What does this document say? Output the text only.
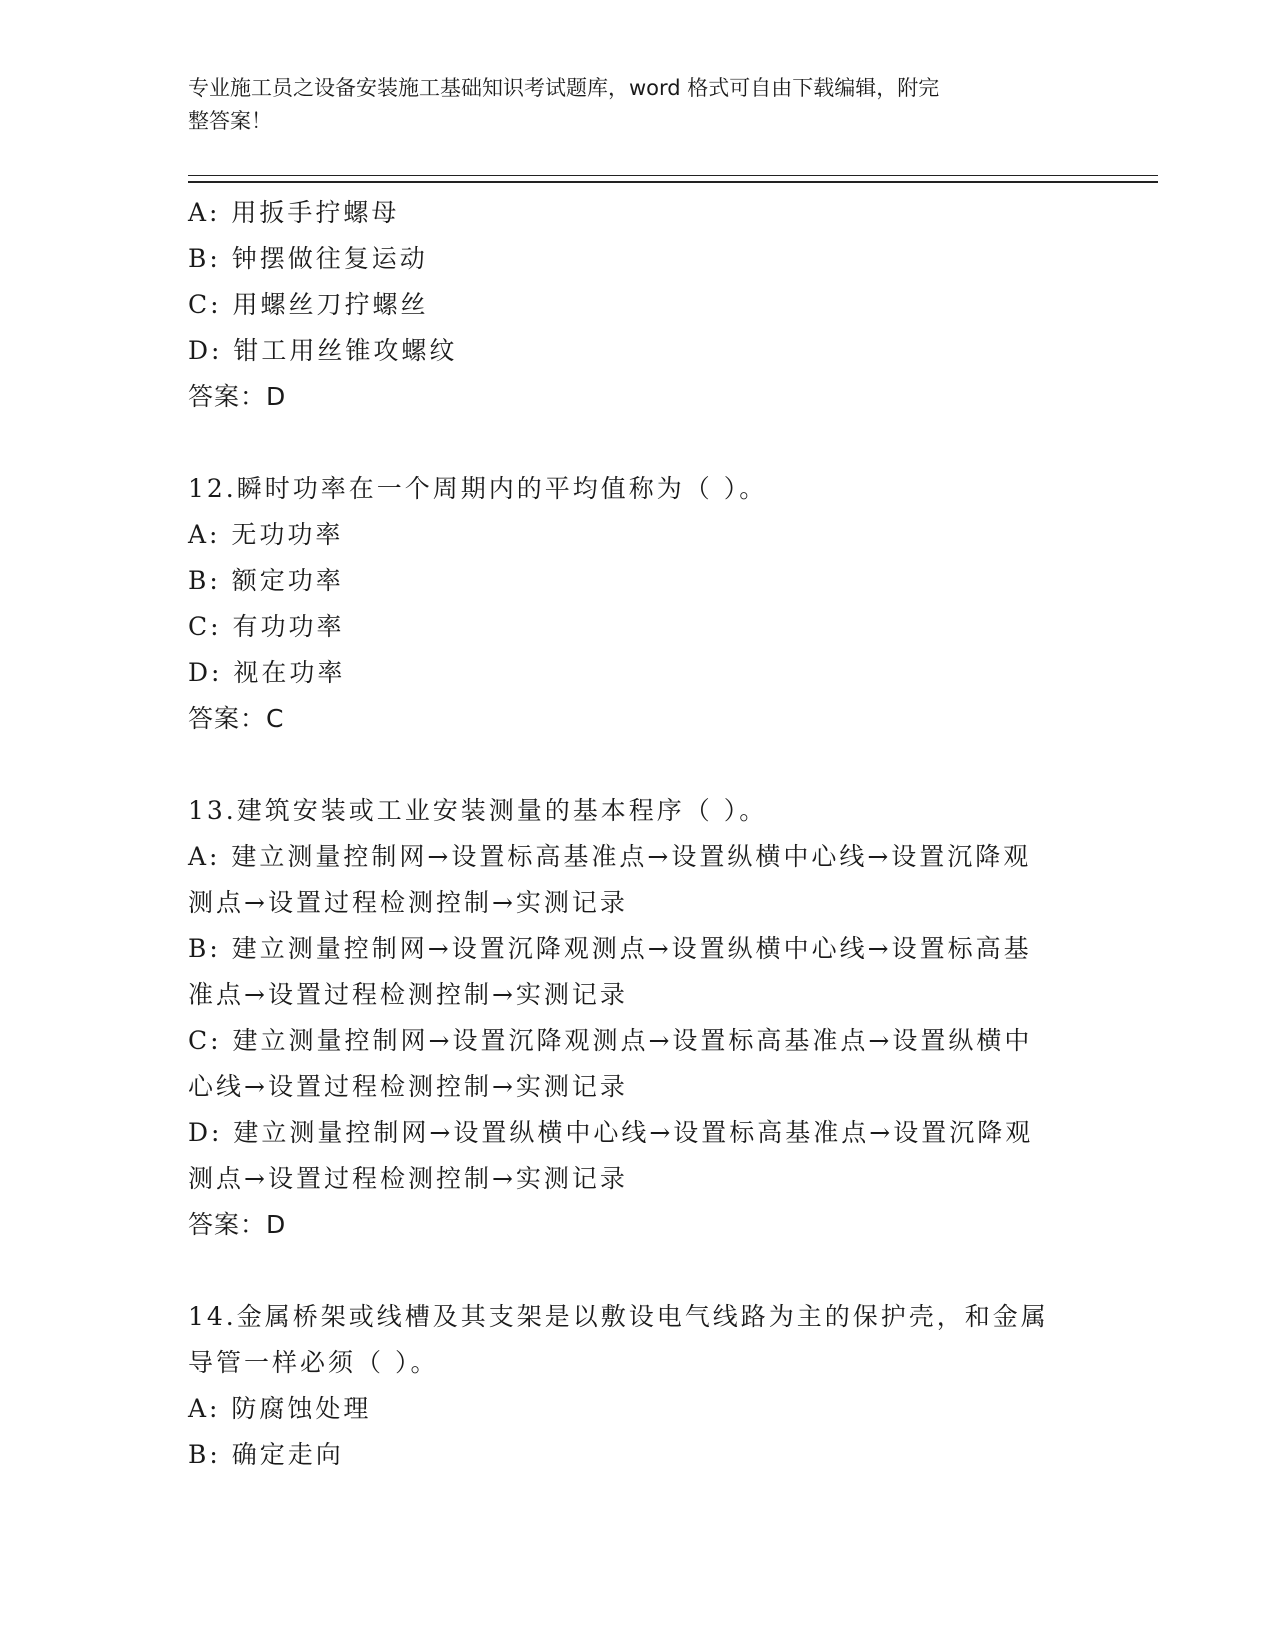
专业施工员之设备安装施工基础知识考试题库，word 格式可自由下载编辑，附完
整答案！
A: 用扳手拧螺母
B: 钟摆做往复运动
C: 用螺丝刀拧螺丝
D: 钳工用丝锥攻螺纹
答案：D
12.瞬时功率在一个周期内的平均值称为（ ）。
A: 无功功率
B: 额定功率
C: 有功功率
D: 视在功率
答案：C
13.建筑安装或工业安装测量的基本程序（ ）。
A: 建立测量控制网→设置标高基准点→设置纵横中心线→设置沉降观
测点→设置过程检测控制→实测记录
B: 建立测量控制网→设置沉降观测点→设置纵横中心线→设置标高基
准点→设置过程检测控制→实测记录
C: 建立测量控制网→设置沉降观测点→设置标高基准点→设置纵横中
心线→设置过程检测控制→实测记录
D: 建立测量控制网→设置纵横中心线→设置标高基准点→设置沉降观
测点→设置过程检测控制→实测记录
答案：D
14.金属桥架或线槽及其支架是以敷设电气线路为主的保护壳，和金属
导管一样必须（ ）。
A: 防腐蚀处理
B: 确定走向
